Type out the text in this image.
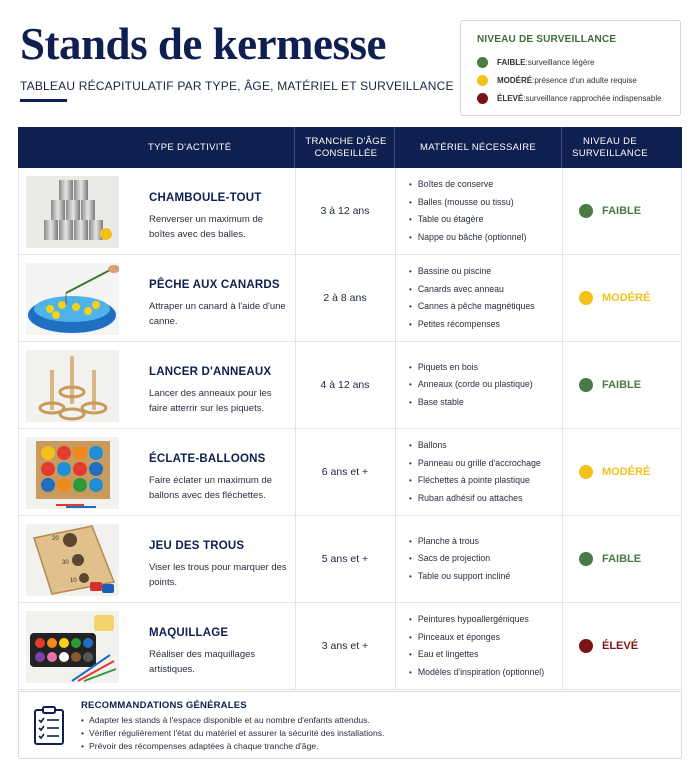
Stands de kermesse
TABLEAU RÉCAPITULATIF PAR TYPE, ÂGE, MATÉRIEL ET SURVEILLANCE
NIVEAU DE SURVEILLANCE
FAIBLE : surveillance légère
MODÉRÉ : présence d'un adulte requise
ÉLEVÉ : surveillance rapprochée indispensable
TYPE D'ACTIVITÉ
TRANCHE D'ÂGE CONSEILLÉE
MATÉRIEL NÉCESSAIRE
NIVEAU DE SURVEILLANCE
CHAMBOULE-TOUT
Renverser un maximum de boîtes avec des balles.
3 à 12 ans
• Boîtes de conserve
• Balles (mousse ou tissu)
• Table ou étagère
• Nappe ou bâche (optionnel)
FAIBLE
PÊCHE AUX CANARDS
Attraper un canard à l'aide d'une canne.
2 à 8 ans
• Bassine ou piscine
• Canards avec anneau
• Cannes à pêche magnétiques
• Petites récompenses
MODÉRÉ
LANCER D'ANNEAUX
Lancer des anneaux pour les faire atterrir sur les piquets.
4 à 12 ans
• Piquets en bois
• Anneaux (corde ou plastique)
• Base stable
FAIBLE
ÉCLATE-BALLOONS
Faire éclater un maximum de ballons avec des fléchettes.
6 ans et +
• Ballons
• Panneau ou grille d'accrochage
• Fléchettes à pointe plastique
• Ruban adhésif ou attaches
MODÉRÉ
20
30
10
JEU DES TROUS
Viser les trous pour marquer des points.
5 ans et +
• Planche à trous
• Sacs de projection
• Table ou support incliné
FAIBLE
MAQUILLAGE
Réaliser des maquillages artistiques.
3 ans et +
• Peintures hypoallergéniques
• Pinceaux et éponges
• Eau et lingettes
• Modèles d'inspiration (optionnel)
ÉLEVÉ
RECOMMANDATIONS GÉNÉRALES
• Adapter les stands à l'espace disponible et au nombre d'enfants attendus.
• Vérifier régulièrement l'état du matériel et assurer la sécurité des installations.
• Prévoir des récompenses adaptées à chaque tranche d'âge.
